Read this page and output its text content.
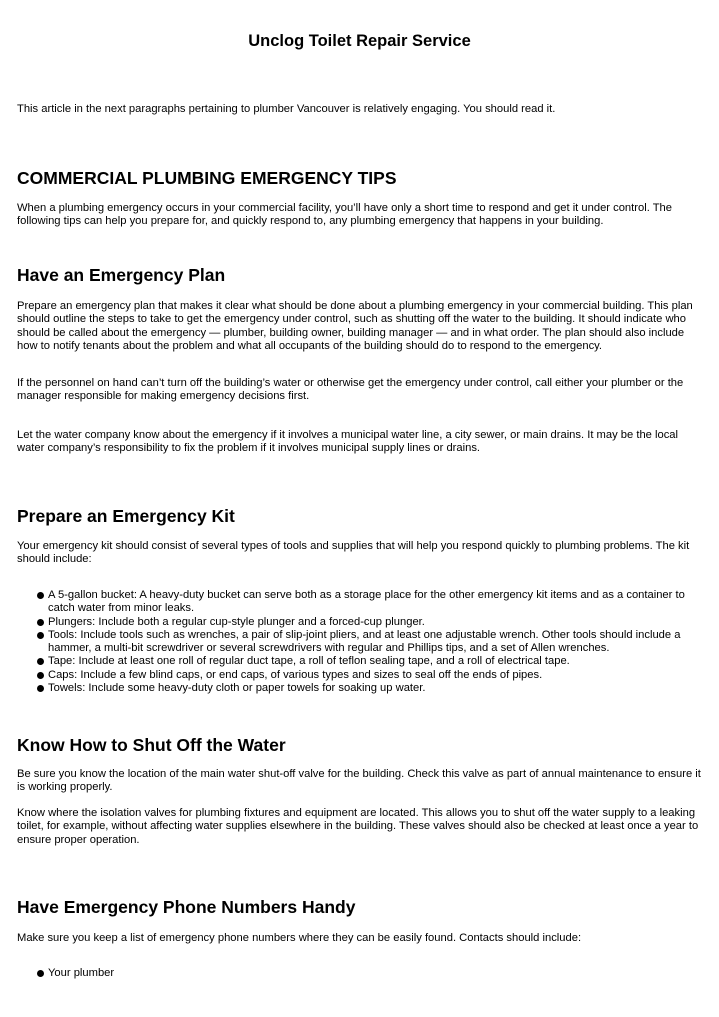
Unclog Toilet Repair Service

This article in the next paragraphs pertaining to plumber Vancouver is relatively engaging. You should read it.

COMMERCIAL PLUMBING EMERGENCY TIPS

When a plumbing emergency occurs in your commercial facility, you’ll have only a short time to respond and get it under control. The following tips can help you prepare for, and quickly respond to, any plumbing emergency that happens in your building.

Have an Emergency Plan

Prepare an emergency plan that makes it clear what should be done about a plumbing emergency in your commercial building. This plan should outline the steps to take to get the emergency under control, such as shutting off the water to the building. It should indicate who should be called about the emergency — plumber, building owner, building manager — and in what order. The plan should also include how to notify tenants about the problem and what all occupants of the building should do to respond to the emergency.

If the personnel on hand can’t turn off the building’s water or otherwise get the emergency under control, call either your plumber or the manager responsible for making emergency decisions first.

Let the water company know about the emergency if it involves a municipal water line, a city sewer, or main drains. It may be the local water company’s responsibility to fix the problem if it involves municipal supply lines or drains.

Prepare an Emergency Kit

Your emergency kit should consist of several types of tools and supplies that will help you respond quickly to plumbing problems. The kit should include:

A 5-gallon bucket: A heavy-duty bucket can serve both as a storage place for the other emergency kit items and as a container to catch water from minor leaks.
Plungers: Include both a regular cup-style plunger and a forced-cup plunger.
Tools: Include tools such as wrenches, a pair of slip-joint pliers, and at least one adjustable wrench. Other tools should include a hammer, a multi-bit screwdriver or several screwdrivers with regular and Phillips tips, and a set of Allen wrenches.
Tape: Include at least one roll of regular duct tape, a roll of teflon sealing tape, and a roll of electrical tape.
Caps: Include a few blind caps, or end caps, of various types and sizes to seal off the ends of pipes.
Towels: Include some heavy-duty cloth or paper towels for soaking up water.
Know How to Shut Off the Water

Be sure you know the location of the main water shut-off valve for the building. Check this valve as part of annual maintenance to ensure it is working properly.

Know where the isolation valves for plumbing fixtures and equipment are located. This allows you to shut off the water supply to a leaking toilet, for example, without affecting water supplies elsewhere in the building. These valves should also be checked at least once a year to ensure proper operation.

Have Emergency Phone Numbers Handy

Make sure you keep a list of emergency phone numbers where they can be easily found. Contacts should include:

Your plumber
